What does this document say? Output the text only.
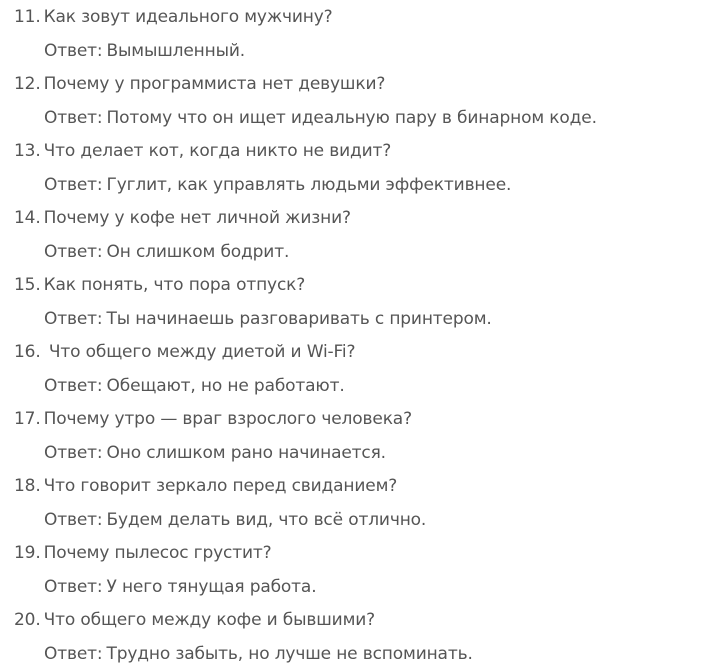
11. Как зовут идеального мужчину?
Ответ: Вымышленный.
12. Почему у программиста нет девушки?
Ответ: Потому что он ищет идеальную пару в бинарном коде.
13. Что делает кот, когда никто не видит?
Ответ: Гуглит, как управлять людьми эффективнее.
14. Почему у кофе нет личной жизни?
Ответ: Он слишком бодрит.
15. Как понять, что пора отпуск?
Ответ: Ты начинаешь разговаривать с принтером.
16. Что общего между диетой и Wi-Fi?
Ответ: Обещают, но не работают.
17. Почему утро — враг взрослого человека?
Ответ: Оно слишком рано начинается.
18. Что говорит зеркало перед свиданием?
Ответ: Будем делать вид, что всё отлично.
19. Почему пылесос грустит?
Ответ: У него тянущая работа.
20. Что общего между кофе и бывшими?
Ответ: Трудно забыть, но лучше не вспоминать.
